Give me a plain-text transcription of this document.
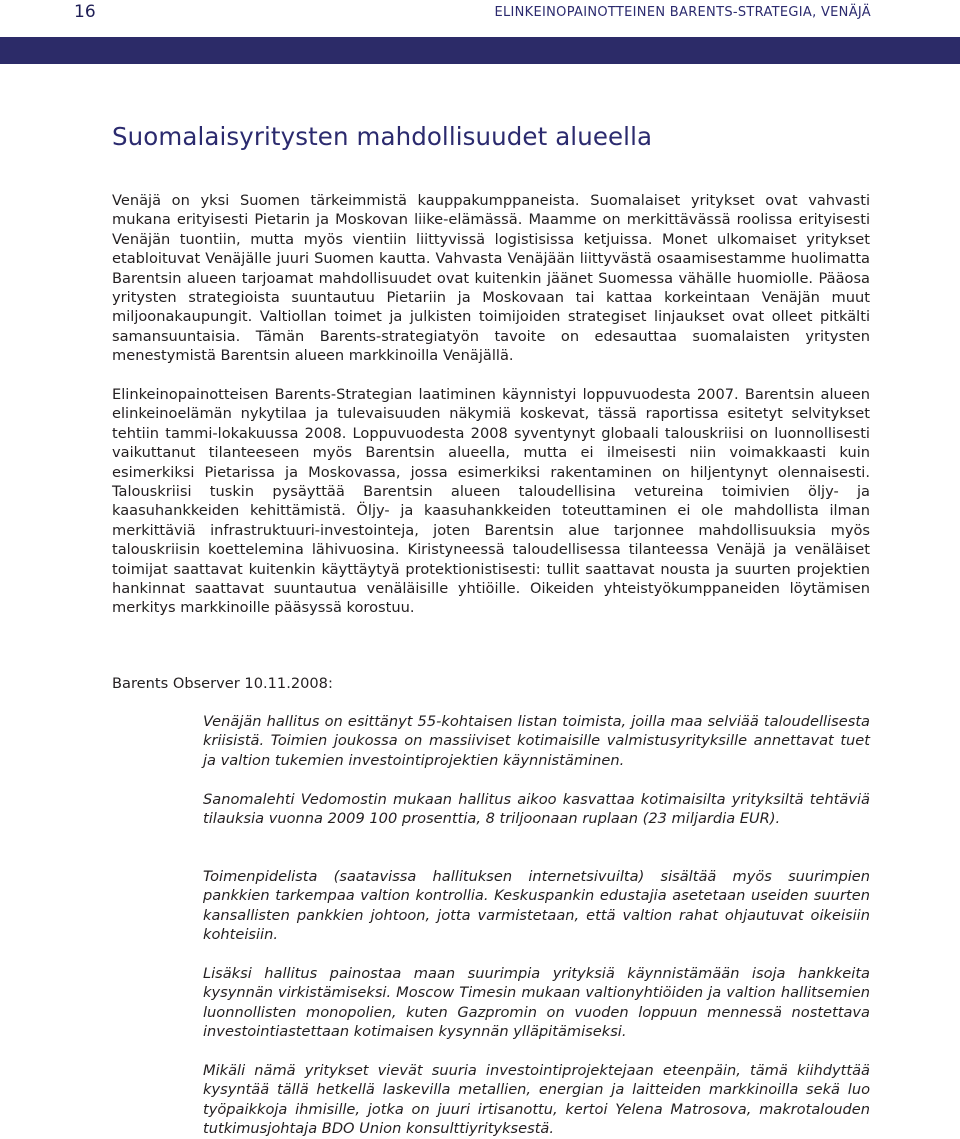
16	ELINKEINOPAINOTTEINEN BARENTS-STRATEGIA, VENÄJÄ
Suomalaisyritysten mahdollisuudet alueella

Venäjä on yksi Suomen tärkeimmistä kauppakumppaneista. Suomalaiset yritykset ovat vahvasti mukana erityisesti Pietarin ja Moskovan liike-elämässä. Maamme on merkittävässä roolissa erityisesti Venäjän tuontiin, mutta myös vientiin liittyvissä logistisissa ketjuissa. Monet ulkomaiset yritykset etabloituvat Venäjälle juuri Suomen kautta. Vahvasta Venäjään liittyvästä osaamisestamme huolimatta Barentsin alueen tarjoamat mahdollisuudet ovat kuitenkin jäänet Suomessa vähälle huomiolle. Pääosa yritysten strategioista suuntautuu Pietariin ja Moskovaan tai kattaa korkeintaan Venäjän muut miljoonakaupungit. Valtiollan toimet ja julkisten toimijoiden strategiset linjaukset ovat olleet pitkälti samansuuntaisia. Tämän Barents-strategiatyön tavoite on edesauttaa suomalaisten yritysten menestymistä Barentsin alueen markkinoilla Venäjällä.

Elinkeinopainotteisen Barents-Strategian laatiminen käynnistyi loppuvuodesta 2007. Barentsin alueen elinkeinoelämän nykytilaa ja tulevaisuuden näkymiä koskevat, tässä raportissa esitetyt selvitykset tehtiin tammi-lokakuussa 2008. Loppuvuodesta 2008 syventynyt globaali talouskriisi on luonnollisesti vaikuttanut tilanteeseen myös Barentsin alueella, mutta ei ilmeisesti niin voimakkaasti kuin esimerkiksi Pietarissa ja Moskovassa, jossa esimerkiksi rakentaminen on hiljentynyt olennaisesti. Talouskriisi tuskin pysäyttää Barentsin alueen taloudellisina vetureina toimivien öljy- ja kaasuhankkeiden kehittämistä. Öljy- ja kaasuhankkeiden toteuttaminen ei ole mahdollista ilman merkittäviä infrastruktuuri-investointeja, joten Barentsin alue tarjonnee mahdollisuuksia myös talouskriisin koettelemina lähivuosina. Kiristyneessä taloudellisessa tilanteessa Venäjä ja venäläiset toimijat saattavat kuitenkin käyttäytyä protektionistisesti: tullit saattavat nousta ja suurten projektien hankinnat saattavat suuntautua venäläisille yhtiöille. Oikeiden yhteistyökumppaneiden löytämisen merkitys markkinoille pääsyssä korostuu.

Barents Observer 10.11.2008:

Venäjän hallitus on esittänyt 55-kohtaisen listan toimista, joilla maa selviää taloudellisesta kriisistä. Toimien joukossa on massiiviset kotimaisille valmistusyrityksille annettavat tuet ja valtion tukemien investointiprojektien käynnistäminen.

Sanomalehti Vedomostin mukaan hallitus aikoo kasvattaa kotimaisilta yrityksiltä tehtäviä tilauksia vuonna 2009 100 prosenttia, 8 triljoonaan ruplaan (23 miljardia EUR).

Toimenpidelista (saatavissa hallituksen internetsivuilta) sisältää myös suurimpien pankkien tarkempaa valtion kontrollia. Keskuspankin edustajia asetetaan useiden suurten kansallisten pankkien johtoon, jotta varmistetaan, että valtion rahat ohjautuvat oikeisiin kohteisiin.

Lisäksi hallitus painostaa maan suurimpia yrityksiä käynnistämään isoja hankkeita kysynnän virkistämiseksi. Moscow Timesin mukaan valtionyhtiöiden ja valtion hallitsemien luonnollisten monopolien, kuten Gazpromin on vuoden loppuun mennessä nostettava investointiastettaan kotimaisen kysynnän ylläpitämiseksi.

Mikäli nämä yritykset vievät suuria investointiprojektejaan eteenpäin, tämä kiihdyttää kysyntää tällä hetkellä laskevilla metallien, energian ja laitteiden markkinoilla sekä luo työpaikkoja ihmisille, jotka on juuri irtisanottu, kertoi Yelena Matrosova, makrotalouden tutkimusjohtaja BDO Union konsulttiyrityksestä.
